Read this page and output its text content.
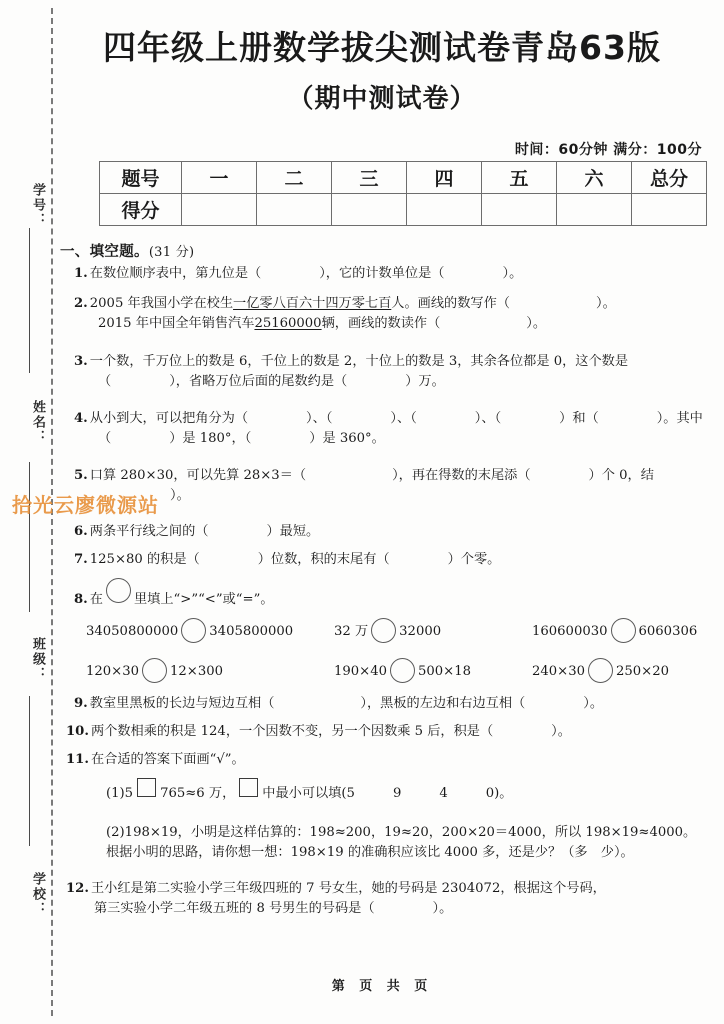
学号：
姓名：
班级：
学校：
四年级上册数学拔尖测试卷青岛63版
（期中测试卷）
时间：60分钟 满分：100分
题号	一	二	三	四	五	六	总分
得分							
一、填空题。(31 分)
1. 在数位顺序表中，第九位是（	），它的计数单位是（	）。
2. 2005 年我国小学在校生 一亿零八百六十四万零七百 人。画线的数写作（	）。
2015 年中国全年销售汽车 25160000 辆，画线的数读作（	）。
3. 一个数，千万位上的数是 6，千位上的数是 2，十位上的数是 3，其余各位都是 0，这个数是
（	），省略万位后面的尾数约是（	）万。
4. 从小到大，可以把角分为（	）、（	）、（	）、（	）和（	）。其中
（	）是 180°，（	）是 360°。
5. 口算 280×30，可以先算 28×3＝（	），再在得数的末尾添（	）个 0，结
）。
6. 两条平行线之间的（	）最短。
7. 125×80 的积是（	）位数，积的末尾有（	）个零。
8. 在 里填上“>”“<”或“=”。
34050800000 3405800000	32 万 32000	160600030 6060306
120×30 12×300	190×40 500×18	240×30 250×20
9. 教室里黑板的长边与短边互相（	），黑板的左边和右边互相（	）。
10. 两个数相乘的积是 124，一个因数不变，另一个因数乘 5 后，积是（	）。
11. 在合适的答案下面画“√”。
(1)5 765≈6 万， 中最小可以填(5	9	4	0)。
(2)198×19，小明是这样估算的：198≈200，19≈20，200×20＝4000，所以 198×19≈4000。
根据小明的思路，请你想一想：198×19 的准确积应该比 4000 多，还是少？（多　少）。
12. 王小红是第二实验小学三年级四班的 7 号女生，她的号码是 2304072，根据这个号码，
第三实验小学二年级五班的 8 号男生的号码是（	）。
拾光云廖微源站
第 页 共 页
